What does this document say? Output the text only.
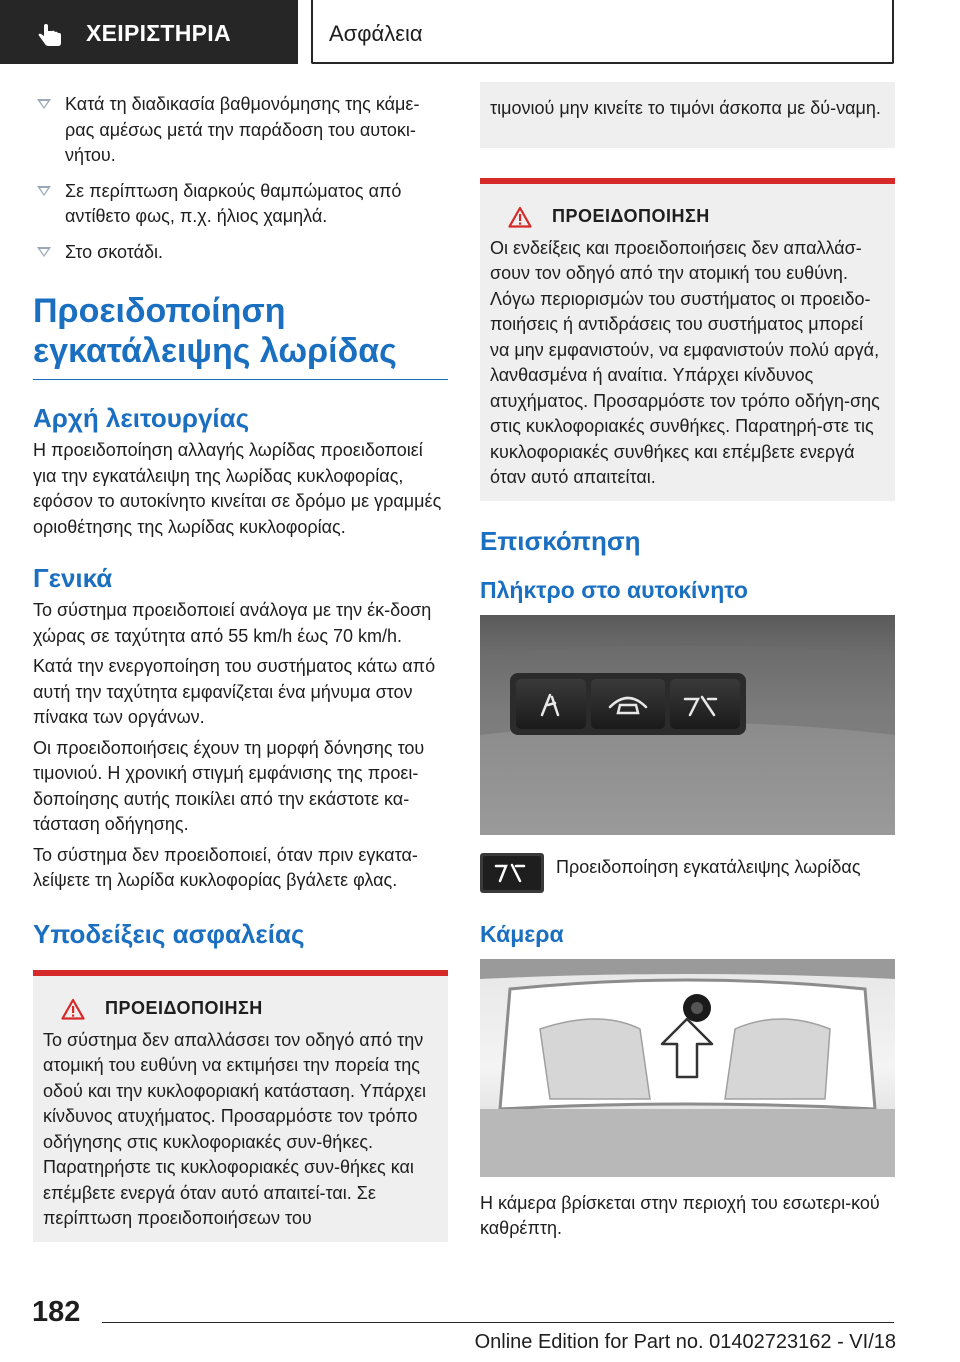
ΧΕΙΡΙΣΤΗΡΙΑ	Ασφάλεια
Κατά τη διαδικασία βαθμονόμησης της κάμε-ρας αμέσως μετά την παράδοση του αυτοκι-νήτου.
Σε περίπτωση διαρκούς θαμπώματος από αντίθετο φως, π.χ. ήλιος χαμηλά.
Στο σκοτάδι.
Προειδοποίηση εγκατάλειψης λωρίδας
Αρχή λειτουργίας
Η προειδοποίηση αλλαγής λωρίδας προειδοποιεί για την εγκατάλειψη της λωρίδας κυκλοφορίας, εφόσον το αυτοκίνητο κινείται σε δρόμο με γραμμές οριοθέτησης της λωρίδας κυκλοφορίας.
Γενικά
Το σύστημα προειδοποιεί ανάλογα με την έκ-δοση χώρας σε ταχύτητα από 55 km/h έως 70 km/h.
Κατά την ενεργοποίηση του συστήματος κάτω από αυτή την ταχύτητα εμφανίζεται ένα μήνυμα στον πίνακα των οργάνων.
Οι προειδοποιήσεις έχουν τη μορφή δόνησης του τιμονιού. Η χρονική στιγμή εμφάνισης της προει-δοποίησης αυτής ποικίλει από την εκάστοτε κα-τάσταση οδήγησης.
Το σύστημα δεν προειδοποιεί, όταν πριν εγκατα-λείψετε τη λωρίδα κυκλοφορίας βγάλετε φλας.
Υποδείξεις ασφαλείας
ΠΡΟΕΙΔΟΠΟΙΗΣΗ
Το σύστημα δεν απαλλάσσει τον οδηγό από την ατομική του ευθύνη να εκτιμήσει την πορεία της οδού και την κυκλοφοριακή κατάσταση. Υπάρχει κίνδυνος ατυχήματος. Προσαρμόστε τον τρόπο οδήγησης στις κυκλοφοριακές συν-θήκες. Παρατηρήστε τις κυκλοφοριακές συν-θήκες και επέμβετε ενεργά όταν αυτό απαιτεί-ται. Σε περίπτωση προειδοποιήσεων του
τιμονιού μην κινείτε το τιμόνι άσκοπα με δύ-ναμη.
ΠΡΟΕΙΔΟΠΟΙΗΣΗ
Οι ενδείξεις και προειδοποιήσεις δεν απαλλάσ-σουν τον οδηγό από την ατομική του ευθύνη. Λόγω περιορισμών του συστήματος οι προειδο-ποιήσεις ή αντιδράσεις του συστήματος μπορεί να μην εμφανιστούν, να εμφανιστούν πολύ αργά, λανθασμένα ή αναίτια. Υπάρχει κίνδυνος ατυχήματος. Προσαρμόστε τον τρόπο οδήγη-σης στις κυκλοφοριακές συνθήκες. Παρατηρή-στε τις κυκλοφοριακές συνθήκες και επέμβετε ενεργά όταν αυτό απαιτείται.
Επισκόπηση
Πλήκτρο στο αυτοκίνητο
Προειδοποίηση εγκατάλειψης λωρίδας
Κάμερα
Η κάμερα βρίσκεται στην περιοχή του εσωτερι-κού καθρέπτη.
182
Online Edition for Part no. 01402723162 - VI/18
